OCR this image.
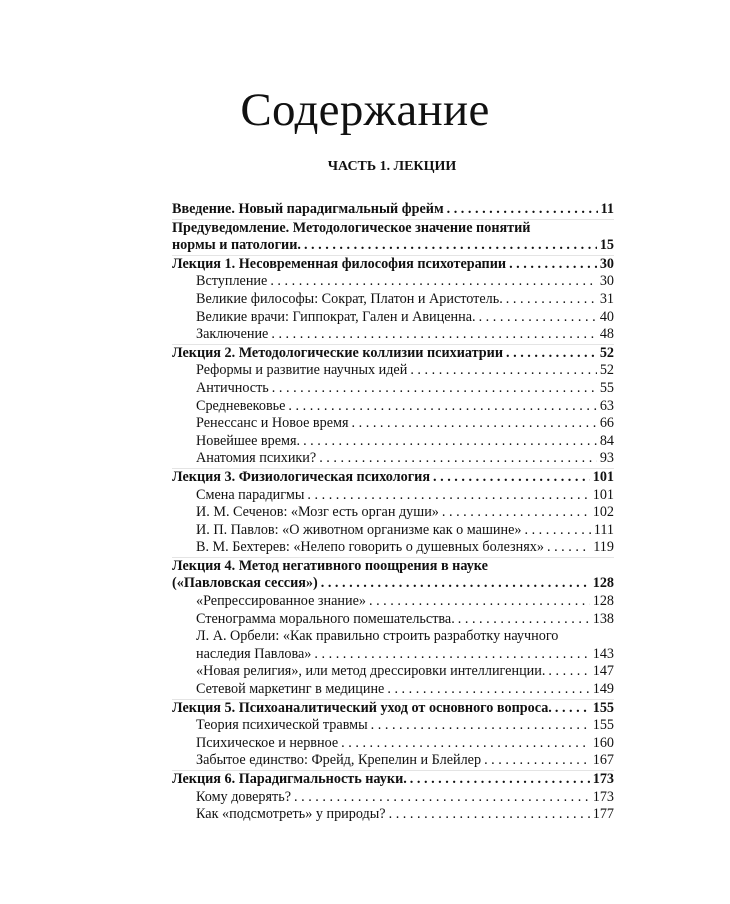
Содержание
ЧАСТЬ 1. ЛЕКЦИИ
Введение. Новый парадигмальный фрейм . . .	11
Предуведомление. Методологическое значение понятий
нормы и патологии. . . .	15
Лекция 1. Несовременная философия психотерапии . . .	30
Вступление . . .	30
Великие философы: Сократ, Платон и Аристотель. . . .	31
Великие врачи: Гиппократ, Гален и Авиценна. . . .	40
Заключение . . .	48
Лекция 2. Методологические коллизии психиатрии . . .	52
Реформы и развитие научных идей . . .	52
Античность . . .	55
Средневековье . . .	63
Ренессанс и Новое время . . .	66
Новейшее время. . . .	84
Анатомия психики? . . .	93
Лекция 3. Физиологическая психология . . .	101
Смена парадигмы . . .	101
И. М. Сеченов: «Мозг есть орган души» . . .	102
И. П. Павлов: «О животном организме как о машине» . . .	111
В. М. Бехтерев: «Нелепо говорить о душевных болезнях» . . .	119
Лекция 4. Метод негативного поощрения в науке
(«Павловская сессия») . . .	128
«Репрессированное знание» . . .	128
Стенограмма морального помешательства. . . .	138
Л. А. Орбели: «Как правильно строить разработку научного
наследия Павлова» . . .	143
«Новая религия», или метод дрессировки интеллигенции. . . .	147
Сетевой маркетинг в медицине . . .	149
Лекция 5. Психоаналитический уход от основного вопроса. . . .	155
Теория психической травмы . . .	155
Психическое и нервное . . .	160
Забытое единство: Фрейд, Крепелин и Блейлер . . .	167
Лекция 6. Парадигмальность науки. . . .	173
Кому доверять? . . .	173
Как «подсмотреть» у природы? . . .	177
